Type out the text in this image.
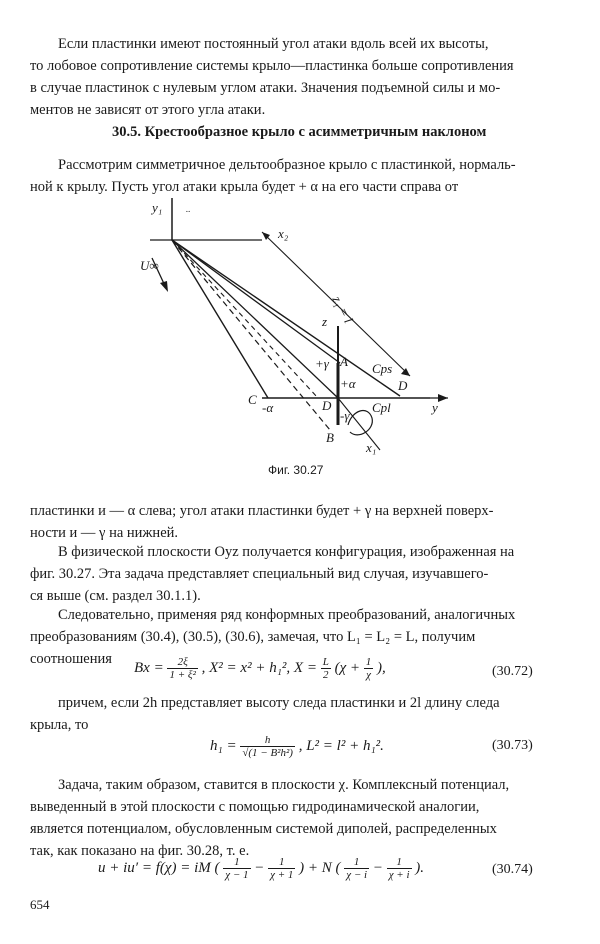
Если пластинки имеют постоянный угол атаки вдоль всей их высоты,
то лобовое сопротивление системы крыло—пластинка больше сопротивления
в случае пластинок с нулевым углом атаки. Значения подъемной силы и мо-
ментов не зависят от этого угла атаки.
30.5. Крестообразное крыло с асимметричным наклоном
Рассмотрим симметричное дельтообразное крыло с пластинкой, нормаль-
ной к крылу. Пусть угол атаки крыла будет + α на его части справа от
y₁	..
x₂
U∞
z
+γ A
+α
Cps
D
C
-α	D	Cpl	y
-γ
B
x₁
z₁ = l
Фиг. 30.27
пластинки и — α слева; угол атаки пластинки будет + γ на верхней поверх-
ности и — γ на нижней.
В физической плоскости Oyz получается конфигурация, изображенная на
фиг. 30.27. Эта задача представляет специальный вид случая, изучавшего-
ся выше (см. раздел 30.1.1).
Следовательно, применяя ряд конформных преобразований, аналогичных
преобразованиям (30.4), (30.5), (30.6), замечая, что L₁ = L₂ = L, получим
соотношения
$Bx = \frac{2\xi}{\text{1 + ξ²}}$ , X² = x² + h₁², $X = \frac{L}{2} (\chi + \frac{1}{\chi}$ ),	(30.72)
причем, если 2h представляет высоту следа пластинки и 2l длину следа
крыла, то
$h_1 = \frac{h}{\text{√(1 − B²h²)}}$ , L² = l² + h₁².	(30.73)
Задача, таким образом, ставится в плоскости χ. Комплексный потенциал,
выведенный в этой плоскости с помощью гидродинамической аналогии,
является потенциалом, обусловленным системой диполей, распределенных
так, как показано на фиг. 30.28, т. е.
u + iu′ = f(χ) = iM ( $\frac{1}{\chi - 1} - \frac{1}{\chi + 1}$ ) + N ( $\frac{1}{\chi - i} - \frac{1}{\chi + i}$ ).	(30.74)
654
